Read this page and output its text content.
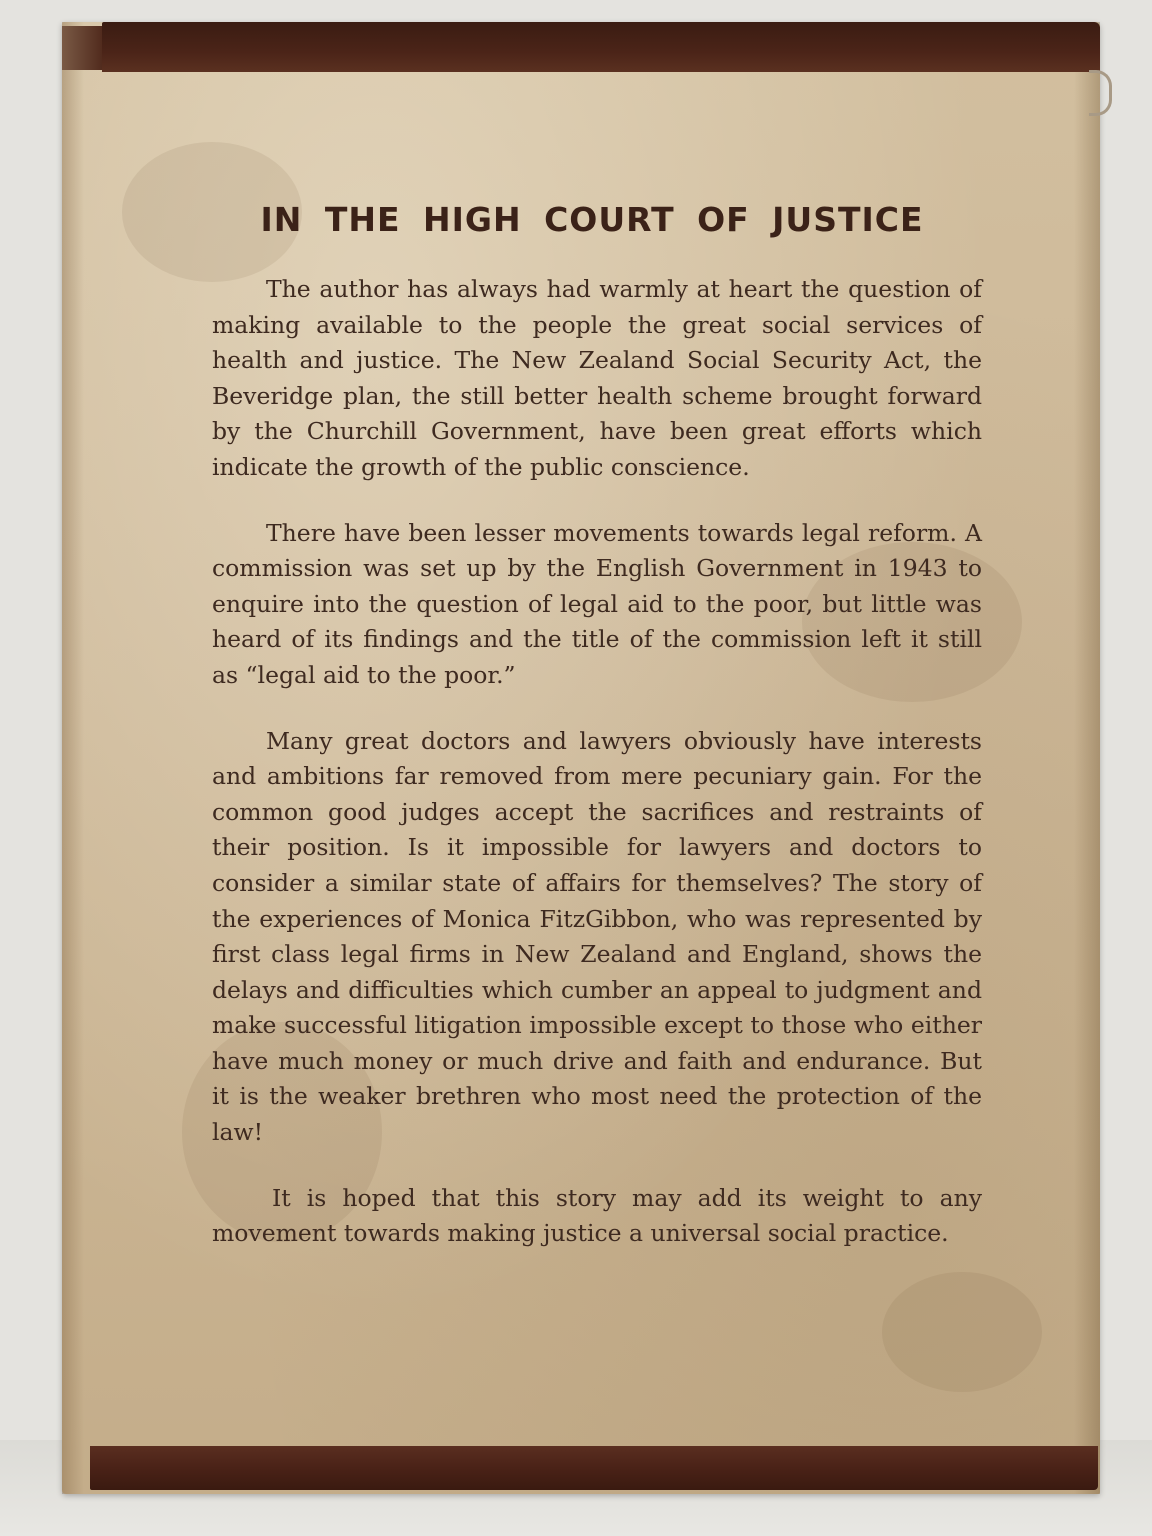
IN THE HIGH COURT OF JUSTICE

The author has always had warmly at heart the question of making available to the people the great social services of health and justice. The New Zealand Social Security Act, the Beveridge plan, the still better health scheme brought forward by the Churchill Government, have been great efforts which indicate the growth of the public conscience.

There have been lesser movements towards legal reform. A commission was set up by the English Government in 1943 to enquire into the question of legal aid to the poor, but little was heard of its findings and the title of the commission left it still as “legal aid to the poor.”

Many great doctors and lawyers obviously have interests and ambitions far removed from mere pecuniary gain. For the common good judges accept the sacrifices and restraints of their position. Is it impossible for lawyers and doctors to consider a similar state of affairs for themselves? The story of the experiences of Monica FitzGibbon, who was represented by first class legal firms in New Zealand and England, shows the delays and difficulties which cumber an appeal to judgment and make successful litigation impossible except to those who either have much money or much drive and faith and endurance. But it is the weaker brethren who most need the protection of the law!

It is hoped that this story may add its weight to any movement towards making justice a universal social practice.
